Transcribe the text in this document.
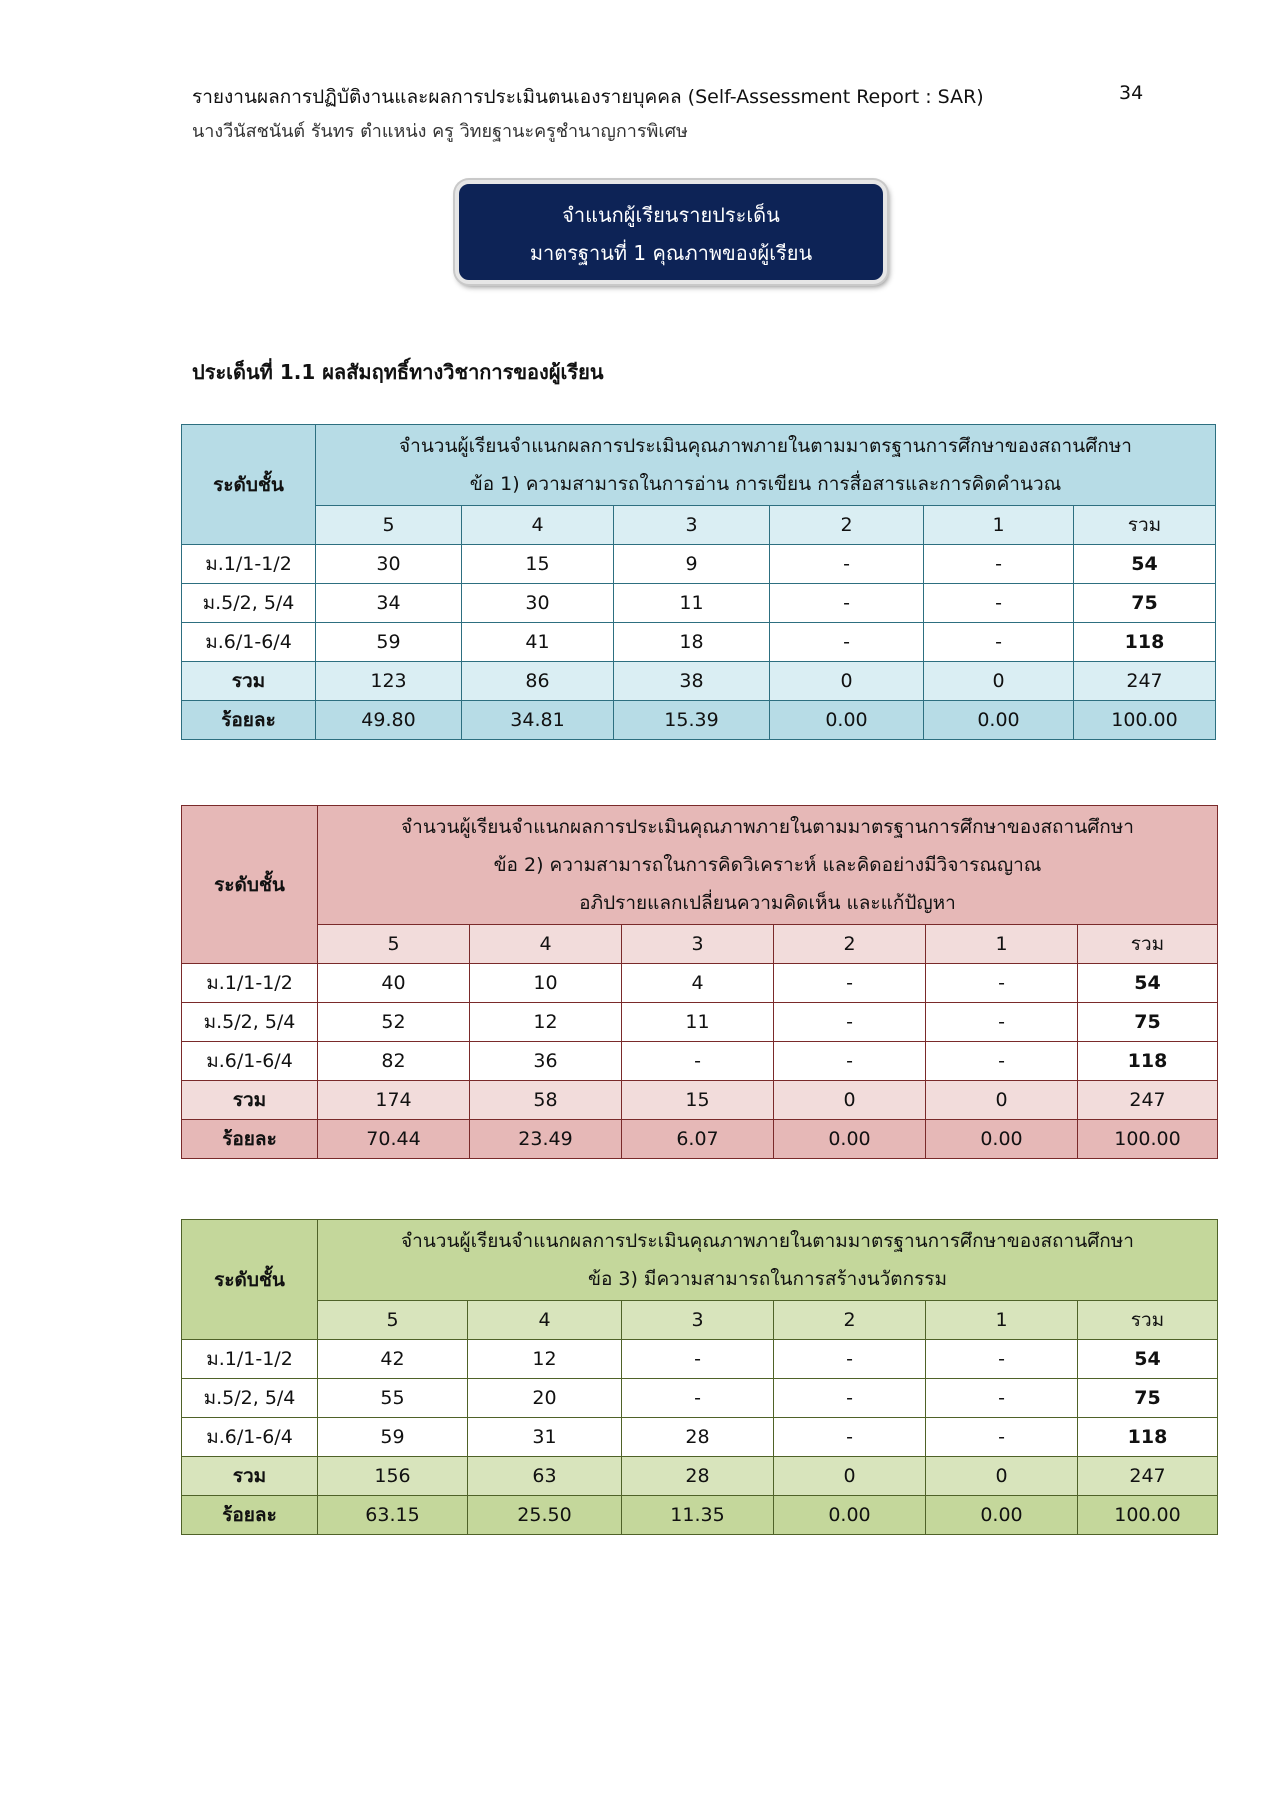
รายงานผลการปฏิบัติงานและผลการประเมินตนเองรายบุคคล (Self-Assessment Report : SAR)	34
นางวีนัสชนันต์ รันทร ตำแหน่ง ครู วิทยฐานะครูชำนาญการพิเศษ
จำแนกผู้เรียนรายประเด็น
มาตรฐานที่ 1 คุณภาพของผู้เรียน
ประเด็นที่ 1.1 ผลสัมฤทธิ์ทางวิชาการของผู้เรียน
ระดับชั้น	จำนวนผู้เรียนจำแนกผลการประเมินคุณภาพภายในตามมาตรฐานการศึกษาของสถานศึกษา
ข้อ 1) ความสามารถในการอ่าน การเขียน การสื่อสารและการคิดคำนวณ					

	5	4	3	2	1	รวม
ม.1/1-1/2	30	15	9	-	-	54
ม.5/2, 5/4	34	30	11	-	-	75
ม.6/1-6/4	59	41	18	-	-	118
รวม	123	86	38	0	0	247
ร้อยละ	49.80	34.81	15.39	0.00	0.00	100.00
ระดับชั้น	จำนวนผู้เรียนจำแนกผลการประเมินคุณภาพภายในตามมาตรฐานการศึกษาของสถานศึกษา
ข้อ 2) ความสามารถในการคิดวิเคราะห์ และคิดอย่างมีวิจารณญาณ
อภิปรายแลกเปลี่ยนความคิดเห็น และแก้ปัญหา					

	5	4	3	2	1	รวม
ม.1/1-1/2	40	10	4	-	-	54
ม.5/2, 5/4	52	12	11	-	-	75
ม.6/1-6/4	82	36	-	-	-	118
รวม	174	58	15	0	0	247
ร้อยละ	70.44	23.49	6.07	0.00	0.00	100.00
ระดับชั้น	จำนวนผู้เรียนจำแนกผลการประเมินคุณภาพภายในตามมาตรฐานการศึกษาของสถานศึกษา
ข้อ 3) มีความสามารถในการสร้างนวัตกรรม					

	5	4	3	2	1	รวม
ม.1/1-1/2	42	12	-	-	-	54
ม.5/2, 5/4	55	20	-	-	-	75
ม.6/1-6/4	59	31	28	-	-	118
รวม	156	63	28	0	0	247
ร้อยละ	63.15	25.50	11.35	0.00	0.00	100.00
